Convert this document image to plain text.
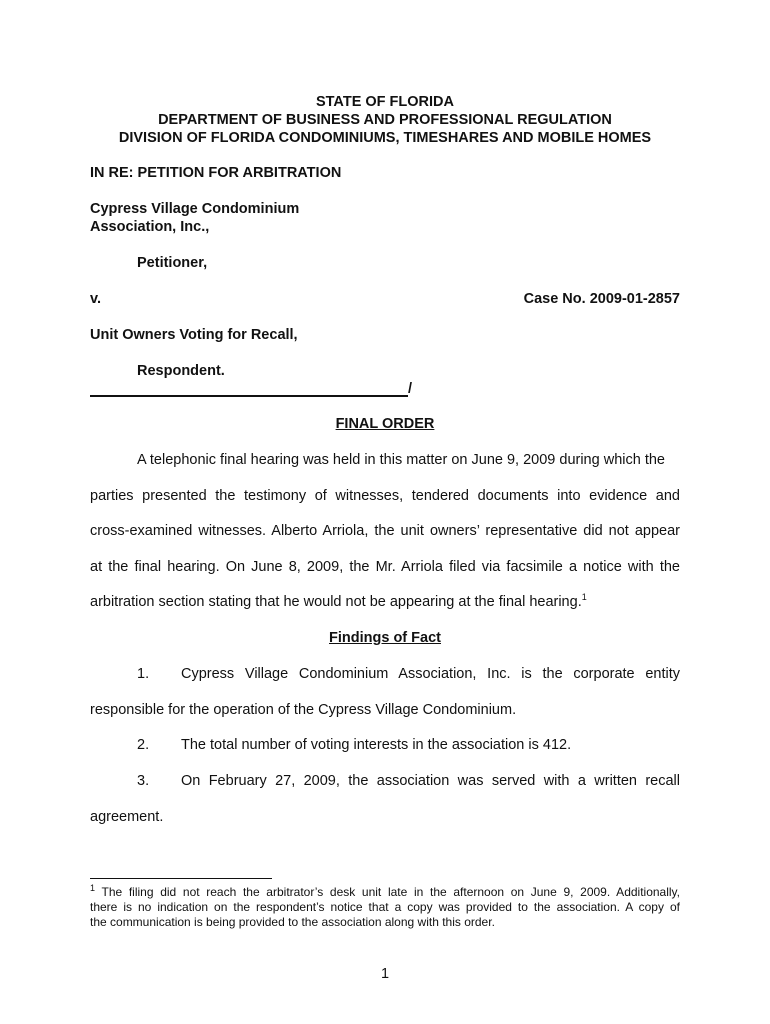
STATE OF FLORIDA
DEPARTMENT OF BUSINESS AND PROFESSIONAL REGULATION
DIVISION OF FLORIDA CONDOMINIUMS, TIMESHARES AND MOBILE HOMES
IN RE: PETITION FOR ARBITRATION
Cypress Village Condominium
Association, Inc.,
Petitioner,
v.	Case No. 2009-01-2857
Unit Owners Voting for Recall,
Respondent.
/
FINAL ORDER
A telephonic final hearing was held in this matter on June 9, 2009 during which the
parties presented the testimony of witnesses, tendered documents into evidence and
cross-examined witnesses. Alberto Arriola, the unit owners’ representative did not appear
at the final hearing. On June 8, 2009, the Mr. Arriola filed via facsimile a notice with the
arbitration section stating that he would not be appearing at the final hearing.$^1$
Findings of Fact
1.	Cypress Village Condominium Association, Inc. is the corporate entity
responsible for the operation of the Cypress Village Condominium.
2.	The total number of voting interests in the association is 412.
3.	On February 27, 2009, the association was served with a written recall
agreement.
$^1$ The filing did not reach the arbitrator’s desk unit late in the afternoon on June 9, 2009. Additionally,
there is no indication on the respondent’s notice that a copy was provided to the association. A copy of
the communication is being provided to the association along with this order.
1
